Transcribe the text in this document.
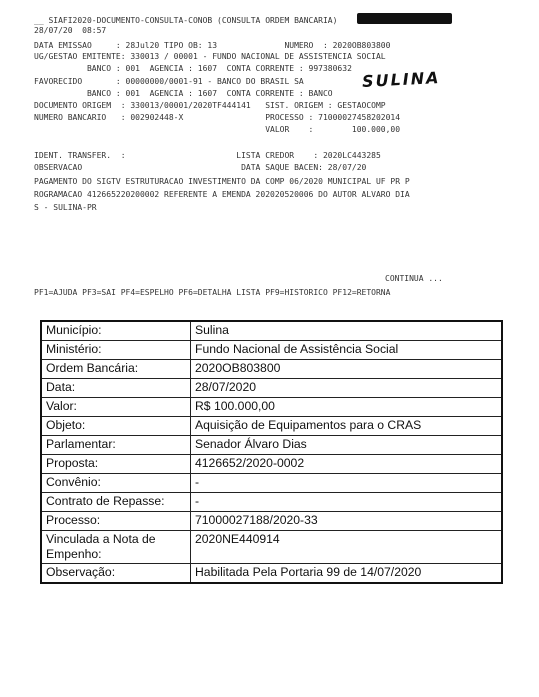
__ SIAFI2020-DOCUMENTO-CONSULTA-CONOB (CONSULTA ORDEM BANCARIA)
28/07/20  08:57
DATA EMISSAO     : 28Jul20 TIPO OB: 13              NUMERO  : 2020OB803800
UG/GESTAO EMITENTE: 330013 / 00001 - FUNDO NACIONAL DE ASSISTENCIA SOCIAL
BANCO : 001  AGENCIA : 1607  CONTA CORRENTE : 997380632
FAVORECIDO       : 00000000/0001-91 - BANCO DO BRASIL SA	SULINA
BANCO : 001  AGENCIA : 1607  CONTA CORRENTE : BANCO
DOCUMENTO ORIGEM  : 330013/00001/2020TF444141   SIST. ORIGEM : GESTAOCOMP
NUMERO BANCARIO   : 002902448-X                 PROCESSO : 71000027458202014
VALOR    :        100.000,00
IDENT. TRANSFER.  :                       LISTA CREDOR    : 2020LC443285
OBSERVACAO                                 DATA SAQUE BACEN: 28/07/20
PAGAMENTO DO SIGTV ESTRUTURACAO INVESTIMENTO DA COMP 06/2020 MUNICIPAL UF PR P
ROGRAMACAO 412665220200002 REFERENTE A EMENDA 202020520006 DO AUTOR ALVARO DIA
S - SULINA-PR
CONTINUA ...
PF1=AJUDA PF3=SAI PF4=ESPELHO PF6=DETALHA LISTA PF9=HISTORICO PF12=RETORNA
Município:	Sulina
Ministério:	Fundo Nacional de Assistência Social
Ordem Bancária:	2020OB803800
Data:	28/07/2020
Valor:	R$ 100.000,00
Objeto:	Aquisição de Equipamentos para o CRAS
Parlamentar:	Senador Álvaro Dias
Proposta:	4126652/2020-0002
Convênio:	-
Contrato de Repasse:	-
Processo:	71000027188/2020-33
Vinculada a Nota de Empenho:	2020NE440914
Observação:	Habilitada Pela Portaria 99 de 14/07/2020
